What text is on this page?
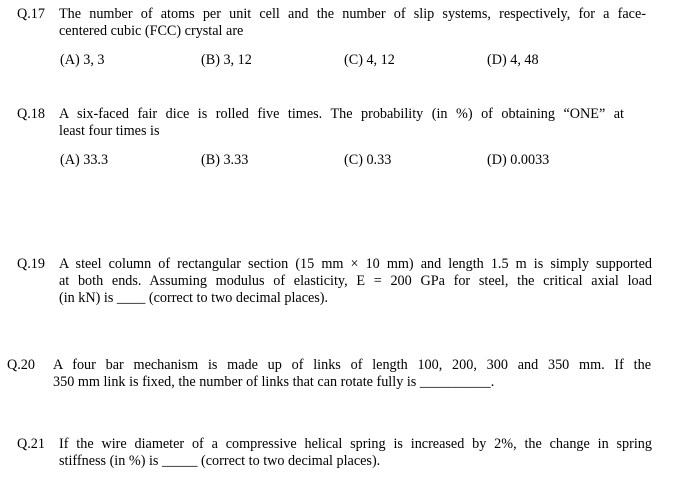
Q.17 The number of atoms per unit cell and the number of slip systems, respectively, for a face-
centered cubic (FCC) crystal are
(A) 3, 3	(B) 3, 12	(C) 4, 12	(D) 4, 48
Q.18 A six-faced fair dice is rolled five times. The probability (in %) of obtaining “ONE” at
least four times is
(A) 33.3	(B) 3.33	(C) 0.33	(D) 0.0033
Q.19 A steel column of rectangular section (15 mm × 10 mm) and length 1.5 m is simply supported
at both ends. Assuming modulus of elasticity, E = 200 GPa for steel, the critical axial load
(in kN) is ____ (correct to two decimal places).
Q.20 A four bar mechanism is made up of links of length 100, 200, 300 and 350 mm. If the
350 mm link is fixed, the number of links that can rotate fully is __________.
Q.21 If the wire diameter of a compressive helical spring is increased by 2%, the change in spring
stiffness (in %) is _____ (correct to two decimal places).
